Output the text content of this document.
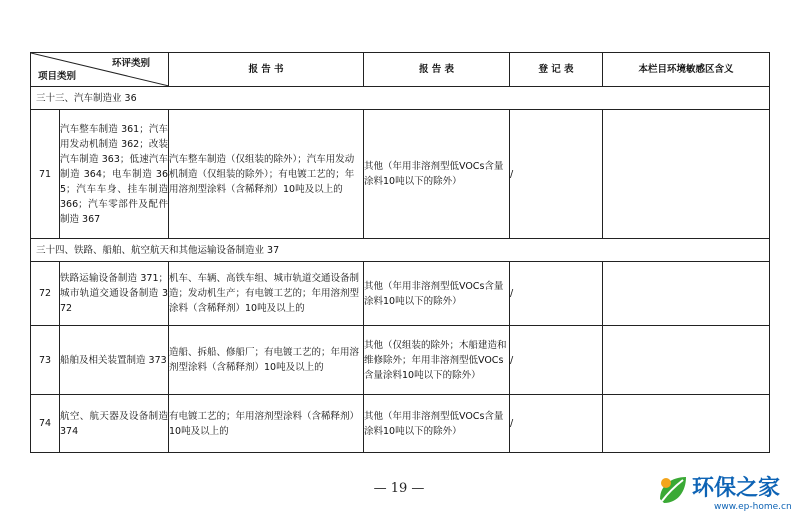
环评类别
项目类别		报 告 书	报 告 表	登 记 表	本栏目环境敏感区含义
三十三、汽车制造业 36					
71	汽车整车制造 361；汽车用发动机制造 362；改装汽车制造 363；低速汽车制造 364；电车制造 365；汽车车身、挂车制造 366；汽车零部件及配件制造 367	汽车整车制造（仅组装的除外）；汽车用发动机制造（仅组装的除外）；有电镀工艺的；年用溶剂型涂料（含稀释剂）10吨及以上的	其他（年用非溶剂型低VOCs含量涂料10吨以下的除外）	/	
三十四、铁路、船舶、航空航天和其他运输设备制造业 37					
72	铁路运输设备制造 371；城市轨道交通设备制造 372	机车、车辆、高铁车组、城市轨道交通设备制造；发动机生产；有电镀工艺的；年用溶剂型涂料（含稀释剂）10吨及以上的	其他（年用非溶剂型低VOCs含量涂料10吨以下的除外）	/	
73	船舶及相关装置制造 373	造船、拆船、修船厂；有电镀工艺的；年用溶剂型涂料（含稀释剂）10吨及以上的	其他（仅组装的除外；木船建造和维修除外；年用非溶剂型低VOCs含量涂料10吨以下的除外）	/	
74	航空、航天器及设备制造 374	有电镀工艺的；年用溶剂型涂料（含稀释剂）10吨及以上的	其他（年用非溶剂型低VOCs含量涂料10吨以下的除外）	/	
— 19 —	环保之家
www.ep-home.cn
